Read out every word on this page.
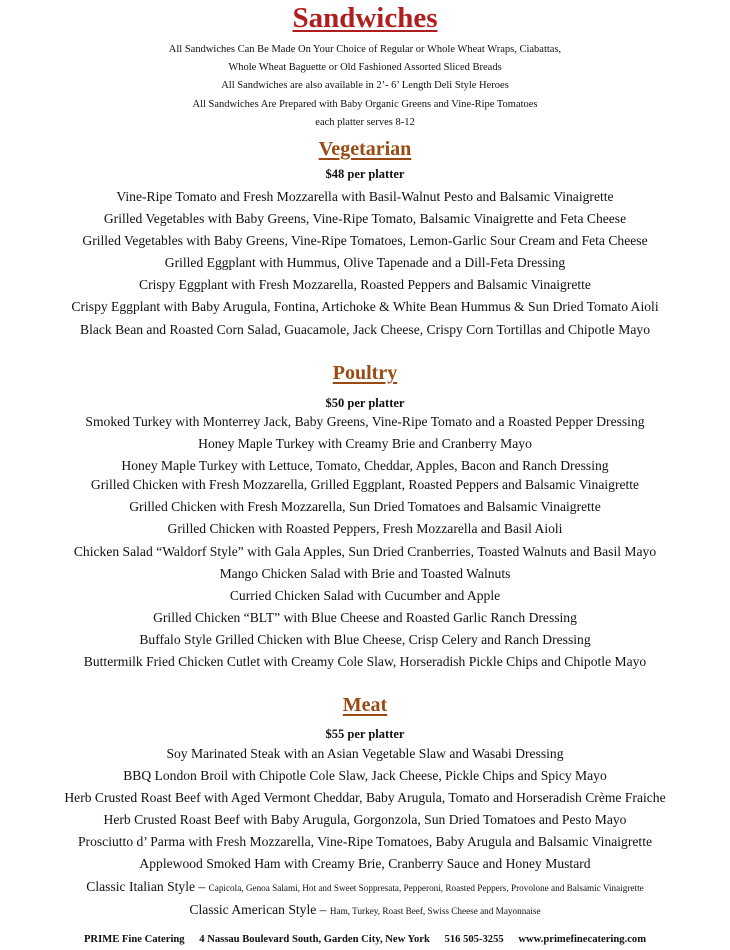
Sandwiches
All Sandwiches Can Be Made On Your Choice of Regular or Whole Wheat Wraps, Ciabattas,
Whole Wheat Baguette or Old Fashioned Assorted Sliced Breads
All Sandwiches are also available in 2’- 6’ Length Deli Style Heroes
All Sandwiches Are Prepared with Baby Organic Greens and Vine-Ripe Tomatoes
each platter serves 8-12
Vegetarian
$48 per platter
Vine-Ripe Tomato and Fresh Mozzarella with Basil-Walnut Pesto and Balsamic Vinaigrette
Grilled Vegetables with Baby Greens, Vine-Ripe Tomato, Balsamic Vinaigrette and Feta Cheese
Grilled Vegetables with Baby Greens, Vine-Ripe Tomatoes, Lemon-Garlic Sour Cream and Feta Cheese
Grilled Eggplant with Hummus, Olive Tapenade and a Dill-Feta Dressing
Crispy Eggplant with Fresh Mozzarella, Roasted Peppers and Balsamic Vinaigrette
Crispy Eggplant with Baby Arugula, Fontina, Artichoke & White Bean Hummus & Sun Dried Tomato Aioli
Black Bean and Roasted Corn Salad, Guacamole, Jack Cheese, Crispy Corn Tortillas and Chipotle Mayo
Poultry
$50 per platter
Smoked Turkey with Monterrey Jack, Baby Greens, Vine-Ripe Tomato and a Roasted Pepper Dressing
Honey Maple Turkey with Creamy Brie and Cranberry Mayo
Honey Maple Turkey with Lettuce, Tomato, Cheddar, Apples, Bacon and Ranch Dressing
Grilled Chicken with Fresh Mozzarella, Grilled Eggplant, Roasted Peppers and Balsamic Vinaigrette
Grilled Chicken with Fresh Mozzarella, Sun Dried Tomatoes and Balsamic Vinaigrette
Grilled Chicken with Roasted Peppers, Fresh Mozzarella and Basil Aioli
Chicken Salad “Waldorf Style” with Gala Apples, Sun Dried Cranberries, Toasted Walnuts and Basil Mayo
Mango Chicken Salad with Brie and Toasted Walnuts
Curried Chicken Salad with Cucumber and Apple
Grilled Chicken “BLT” with Blue Cheese and Roasted Garlic Ranch Dressing
Buffalo Style Grilled Chicken with Blue Cheese, Crisp Celery and Ranch Dressing
Buttermilk Fried Chicken Cutlet with Creamy Cole Slaw, Horseradish Pickle Chips and Chipotle Mayo
Meat
$55 per platter
Soy Marinated Steak with an Asian Vegetable Slaw and Wasabi Dressing
BBQ London Broil with Chipotle Cole Slaw, Jack Cheese, Pickle Chips and Spicy Mayo
Herb Crusted Roast Beef with Aged Vermont Cheddar, Baby Arugula, Tomato and Horseradish Crème Fraiche
Herb Crusted Roast Beef with Baby Arugula, Gorgonzola, Sun Dried Tomatoes and Pesto Mayo
Prosciutto d’ Parma with Fresh Mozzarella, Vine-Ripe Tomatoes, Baby Arugula and Balsamic Vinaigrette
Applewood Smoked Ham with Creamy Brie, Cranberry Sauce and Honey Mustard
Classic Italian Style – Capicola, Genoa Salami, Hot and Sweet Soppresata, Pepperoni, Roasted Peppers, Provolone and Balsamic Vinaigrette
Classic American Style – Ham, Turkey, Roast Beef, Swiss Cheese and Mayonnaise
PRIME Fine Catering 4 Nassau Boulevard South, Garden City, New York 516 505-3255 www.primefinecatering.com
